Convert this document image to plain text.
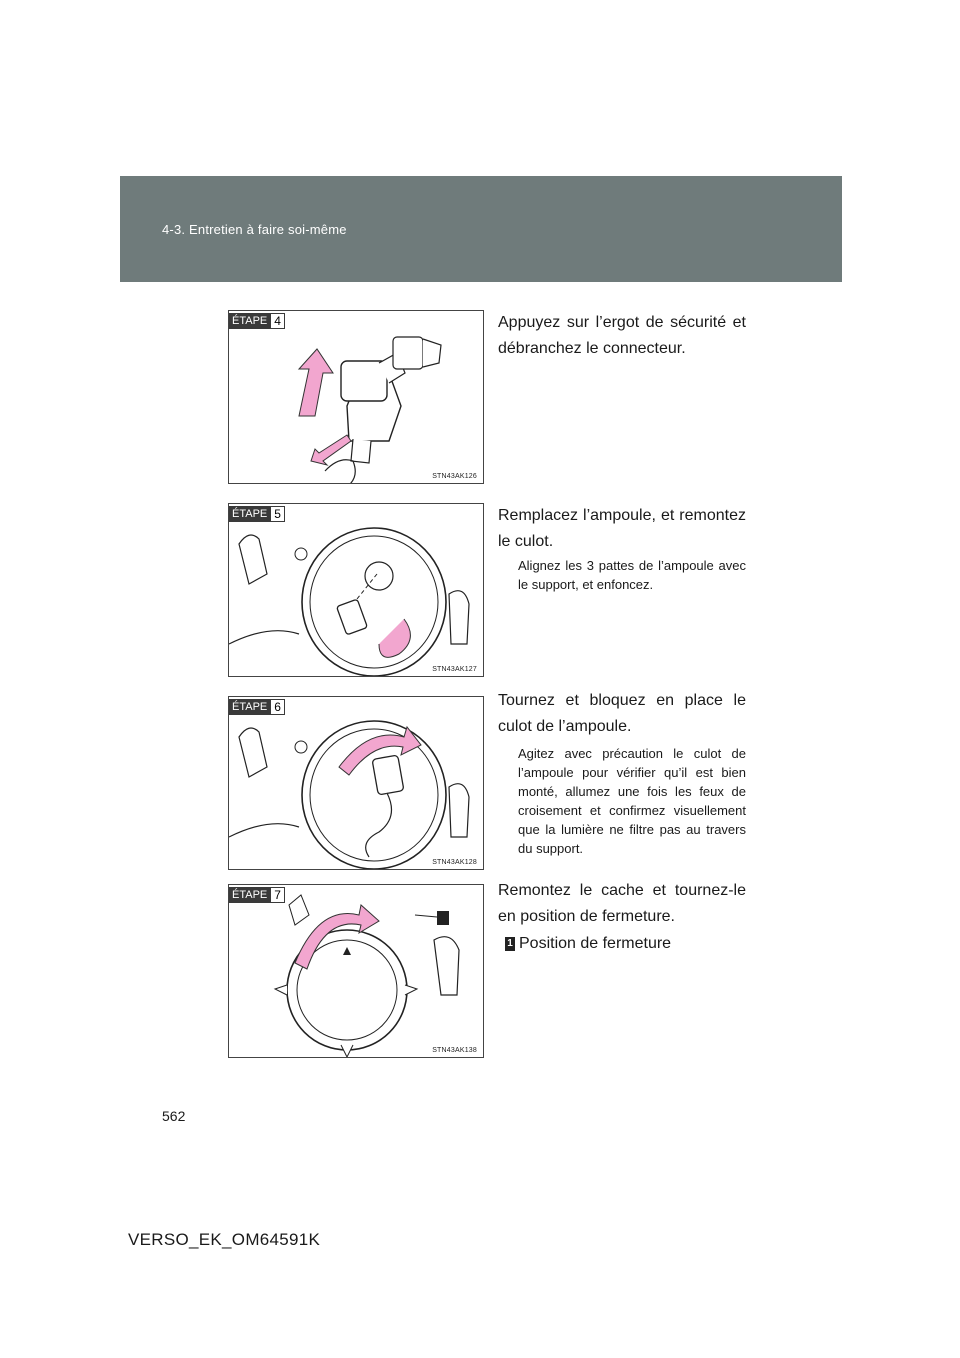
4-3. Entretien à faire soi-même
ÉTAPE 4
STN43AK126
Appuyez sur l’ergot de sécurité et débranchez le connecteur.
ÉTAPE 5
STN43AK127
Remplacez l’ampoule, et remontez le culot.
Alignez les 3 pattes de l’ampoule avec le support, et enfoncez.
ÉTAPE 6
STN43AK128
Tournez et bloquez en place le culot de l’ampoule.
Agitez avec précaution le culot de l’ampoule pour vérifier qu’il est bien monté, allumez une fois les feux de croisement et confirmez visuellement que la lumière ne filtre pas au travers du support.
ÉTAPE 7
STN43AK138
Remontez le cache et tournez-le en position de fermeture.
1 Position de fermeture
562
VERSO_EK_OM64591K
